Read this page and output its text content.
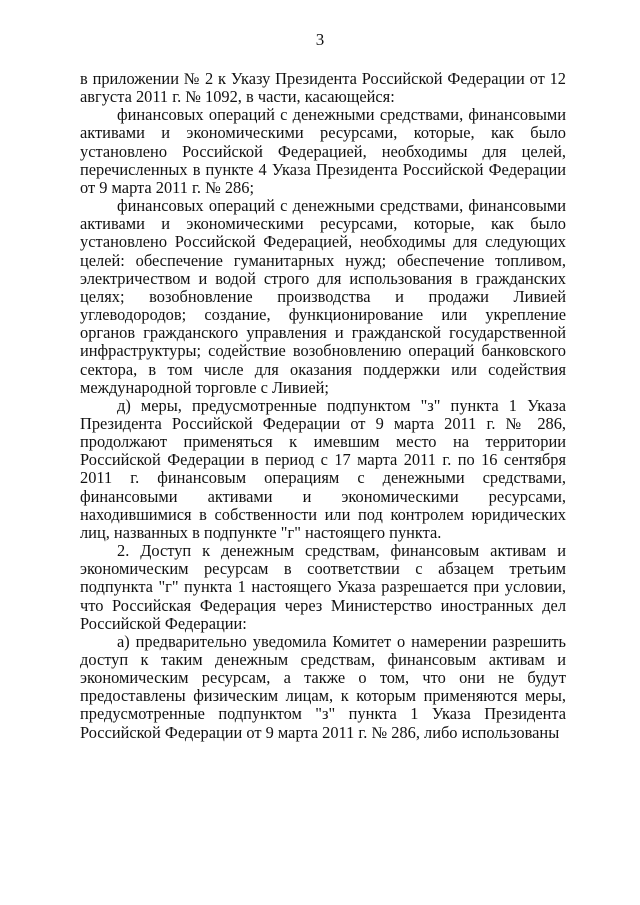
3

в приложении № 2 к Указу Президента Российской Федерации от 12 августа 2011 г. № 1092, в части, касающейся:

финансовых операций с денежными средствами, финансовыми активами и экономическими ресурсами, которые, как было установлено Российской Федерацией, необходимы для целей, перечисленных в пункте 4 Указа Президента Российской Федерации от 9 марта 2011 г. № 286;

финансовых операций с денежными средствами, финансовыми активами и экономическими ресурсами, которые, как было установлено Российской Федерацией, необходимы для следующих целей: обеспечение гуманитарных нужд; обеспечение топливом, электричеством и водой строго для использования в гражданских целях; возобновление производства и продажи Ливией углеводородов; создание, функционирование или укрепление органов гражданского управления и гражданской государственной инфраструктуры; содействие возобновлению операций банковского сектора, в том числе для оказания поддержки или содействия международной торговле с Ливией;

д) меры, предусмотренные подпунктом "з" пункта 1 Указа Президента Российской Федерации от 9 марта 2011 г. № 286, продолжают применяться к имевшим место на территории Российской Федерации в период с 17 марта 2011 г. по 16 сентября 2011 г. финансовым операциям с денежными средствами, финансовыми активами и экономическими ресурсами, находившимися в собственности или под контролем юридических лиц, названных в подпункте "г" настоящего пункта.

2. Доступ к денежным средствам, финансовым активам и экономическим ресурсам в соответствии с абзацем третьим подпункта "г" пункта 1 настоящего Указа разрешается при условии, что Российская Федерация через Министерство иностранных дел Российской Федерации:

а) предварительно уведомила Комитет о намерении разрешить доступ к таким денежным средствам, финансовым активам и экономическим ресурсам, а также о том, что они не будут предоставлены физическим лицам, к которым применяются меры, предусмотренные подпунктом "з" пункта 1 Указа Президента Российской Федерации от 9 марта 2011 г. № 286, либо использованы
